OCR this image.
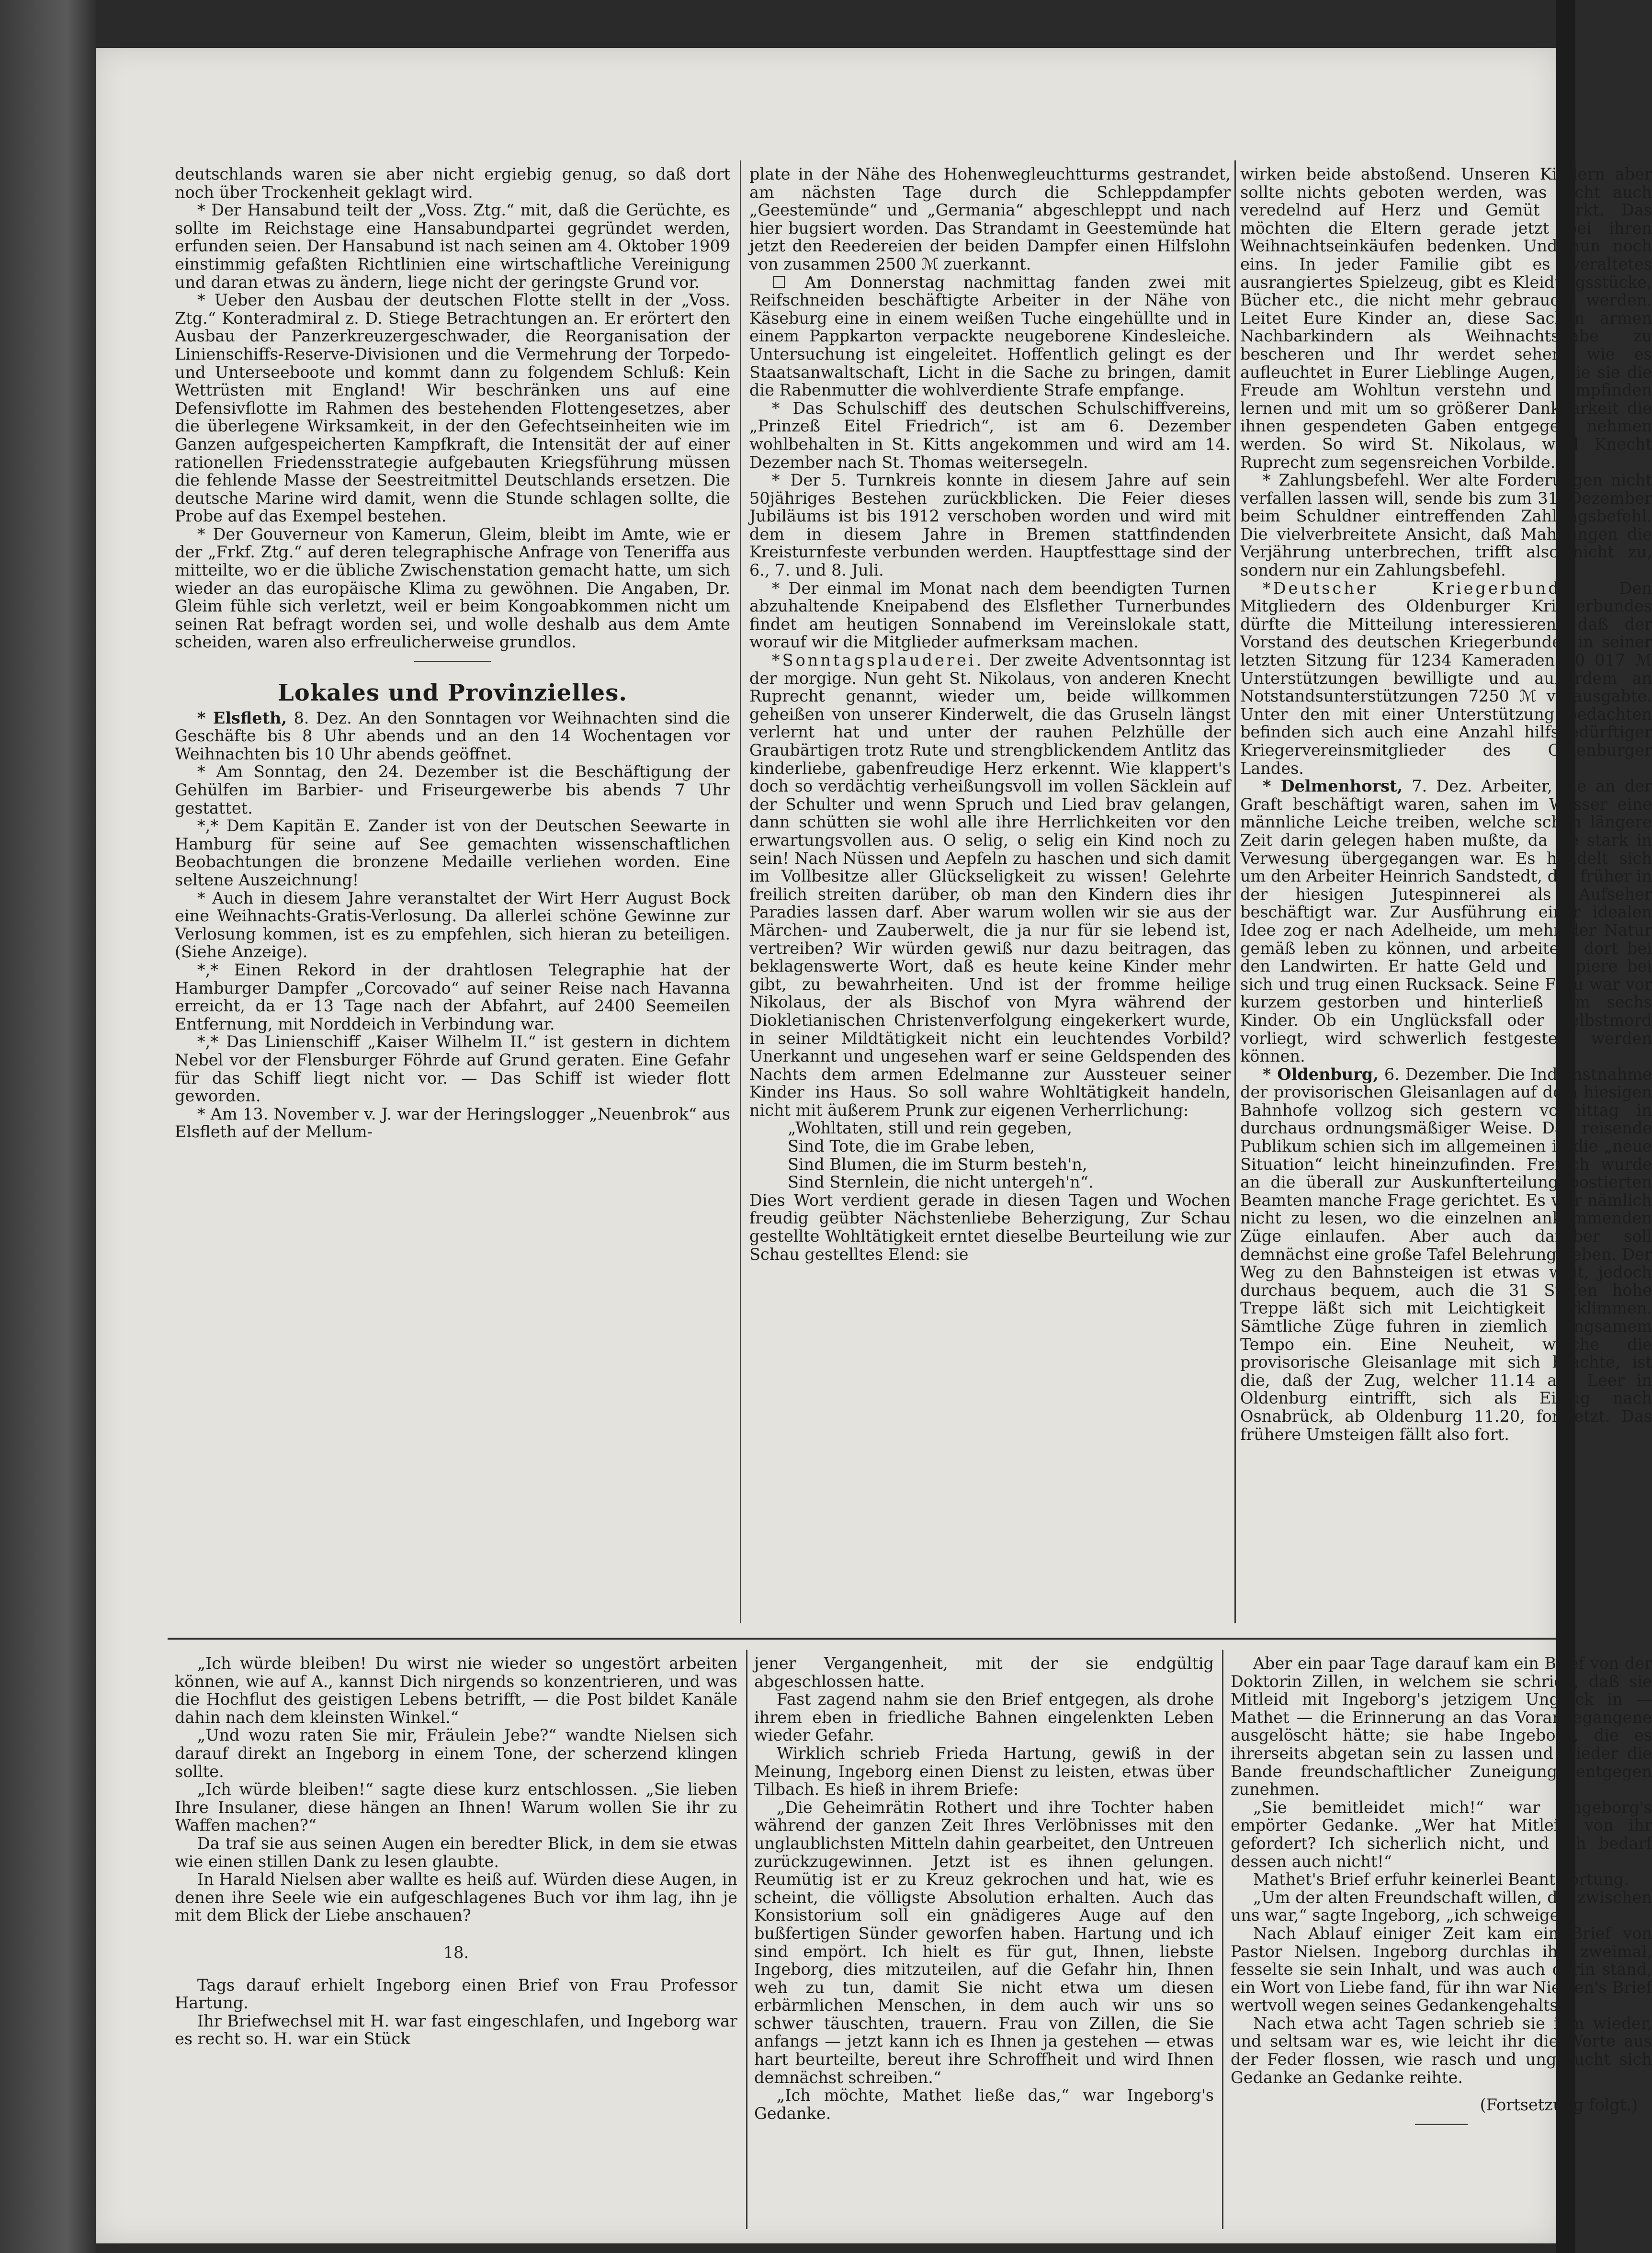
deutschlands waren sie aber nicht ergiebig genug, so daß dort noch über Trockenheit geklagt wird.

* Der Hansabund teilt der „Voss. Ztg.“ mit, daß die Gerüchte, es sollte im Reichstage eine Hansabundpartei gegründet werden, erfunden seien. Der Hansabund ist nach seinen am 4. Oktober 1909 einstimmig gefaßten Richtlinien eine wirtschaftliche Vereinigung und daran etwas zu ändern, liege nicht der geringste Grund vor.

* Ueber den Ausbau der deutschen Flotte stellt in der „Voss. Ztg.“ Konteradmiral z. D. Stiege Betrachtungen an. Er erörtert den Ausbau der Panzerkreuzergeschwader, die Reorganisation der Linienschiffs-Reserve-Divisionen und die Vermehrung der Torpedo- und Unterseeboote und kommt dann zu folgendem Schluß: Kein Wettrüsten mit England! Wir beschränken uns auf eine Defensivflotte im Rahmen des bestehenden Flottengesetzes, aber die überlegene Wirksamkeit, in der den Gefechtseinheiten wie im Ganzen aufgespeicherten Kampfkraft, die Intensität der auf einer rationellen Friedensstrategie aufgebauten Kriegsführung müssen die fehlende Masse der Seestreitmittel Deutschlands ersetzen. Die deutsche Marine wird damit, wenn die Stunde schlagen sollte, die Probe auf das Exempel bestehen.

* Der Gouverneur von Kamerun, Gleim, bleibt im Amte, wie er der „Frkf. Ztg.“ auf deren telegraphische Anfrage von Teneriffa aus mitteilte, wo er die übliche Zwischenstation gemacht hatte, um sich wieder an das europäische Klima zu gewöhnen. Die Angaben, Dr. Gleim fühle sich verletzt, weil er beim Kongoabkommen nicht um seinen Rat befragt worden sei, und wolle deshalb aus dem Amte scheiden, waren also erfreulicherweise grundlos.

Lokales und Provinzielles.

* Elsfleth, 8. Dez. An den Sonntagen vor Weihnachten sind die Geschäfte bis 8 Uhr abends und an den 14 Wochentagen vor Weihnachten bis 10 Uhr abends geöffnet.

* Am Sonntag, den 24. Dezember ist die Beschäftigung der Gehülfen im Barbier- und Friseurgewerbe bis abends 7 Uhr gestattet.

*,* Dem Kapitän E. Zander ist von der Deutschen Seewarte in Hamburg für seine auf See gemachten wissenschaftlichen Beobachtungen die bronzene Medaille verliehen worden. Eine seltene Auszeichnung!

* Auch in diesem Jahre veranstaltet der Wirt Herr August Bock eine Weihnachts-Gratis-Verlosung. Da allerlei schöne Gewinne zur Verlosung kommen, ist es zu empfehlen, sich hieran zu beteiligen. (Siehe Anzeige).

*,* Einen Rekord in der drahtlosen Telegraphie hat der Hamburger Dampfer „Corcovado“ auf seiner Reise nach Havanna erreicht, da er 13 Tage nach der Abfahrt, auf 2400 Seemeilen Entfernung, mit Norddeich in Verbindung war.

*,* Das Linienschiff „Kaiser Wilhelm II.“ ist gestern in dichtem Nebel vor der Flensburger Föhrde auf Grund geraten. Eine Gefahr für das Schiff liegt nicht vor. — Das Schiff ist wieder flott geworden.

* Am 13. November v. J. war der Heringslogger „Neuenbrok“ aus Elsfleth auf der Mellum-

plate in der Nähe des Hohenwegleuchtturms gestrandet, am nächsten Tage durch die Schleppdampfer „Geestemünde“ und „Germania“ abgeschleppt und nach hier bugsiert worden. Das Strandamt in Geestemünde hat jetzt den Reedereien der beiden Dampfer einen Hilfslohn von zusammen 2500 ℳ zuerkannt.

☐ Am Donnerstag nachmittag fanden zwei mit Reifschneiden beschäftigte Arbeiter in der Nähe von Käseburg eine in einem weißen Tuche eingehüllte und in einem Pappkarton verpackte neugeborene Kindesleiche. Untersuchung ist eingeleitet. Hoffentlich gelingt es der Staatsanwaltschaft, Licht in die Sache zu bringen, damit die Rabenmutter die wohlverdiente Strafe empfange.

* Das Schulschiff des deutschen Schulschiffvereins, „Prinzeß Eitel Friedrich“, ist am 6. Dezember wohlbehalten in St. Kitts angekommen und wird am 14. Dezember nach St. Thomas weitersegeln.

* Der 5. Turnkreis konnte in diesem Jahre auf sein 50jähriges Bestehen zurückblicken. Die Feier dieses Jubiläums ist bis 1912 verschoben worden und wird mit dem in diesem Jahre in Bremen stattfindenden Kreisturnfeste verbunden werden. Hauptfesttage sind der 6., 7. und 8. Juli.

* Der einmal im Monat nach dem beendigten Turnen abzuhaltende Kneipabend des Elsflether Turnerbundes findet am heutigen Sonnabend im Vereinslokale statt, worauf wir die Mitglieder aufmerksam machen.

*Sonntagsplauderei. Der zweite Adventsonntag ist der morgige. Nun geht St. Nikolaus, von anderen Knecht Ruprecht genannt, wieder um, beide willkommen geheißen von unserer Kinderwelt, die das Gruseln längst verlernt hat und unter der rauhen Pelzhülle der Graubärtigen trotz Rute und strengblickendem Antlitz das kinderliebe, gabenfreudige Herz erkennt. Wie klappert's doch so verdächtig verheißungsvoll im vollen Säcklein auf der Schulter und wenn Spruch und Lied brav gelangen, dann schütten sie wohl alle ihre Herrlichkeiten vor den erwartungsvollen aus. O selig, o selig ein Kind noch zu sein! Nach Nüssen und Aepfeln zu haschen und sich damit im Vollbesitze aller Glückseligkeit zu wissen! Gelehrte freilich streiten darüber, ob man den Kindern dies ihr Paradies lassen darf. Aber warum wollen wir sie aus der Märchen- und Zauberwelt, die ja nur für sie lebend ist, vertreiben? Wir würden gewiß nur dazu beitragen, das beklagenswerte Wort, daß es heute keine Kinder mehr gibt, zu bewahrheiten. Und ist der fromme heilige Nikolaus, der als Bischof von Myra während der Diokletianischen Christenverfolgung eingekerkert wurde, in seiner Mildtätigkeit nicht ein leuchtendes Vorbild? Unerkannt und ungesehen warf er seine Geldspenden des Nachts dem armen Edelmanne zur Aussteuer seiner Kinder ins Haus. So soll wahre Wohltätigkeit handeln, nicht mit äußerem Prunk zur eigenen Verherrlichung:

„Wohltaten, still und rein gegeben,

Sind Tote, die im Grabe leben,

Sind Blumen, die im Sturm besteh'n,

Sind Sternlein, die nicht untergeh'n“.

Dies Wort verdient gerade in diesen Tagen und Wochen freudig geübter Nächstenliebe Beherzigung, Zur Schau gestellte Wohltätigkeit erntet dieselbe Beurteilung wie zur Schau gestelltes Elend: sie

wirken beide abstoßend. Unseren Kindern aber sollte nichts geboten werden, was nicht auch veredelnd auf Herz und Gemüt wirkt. Das möchten die Eltern gerade jetzt bei ihren Weihnachtseinkäufen bedenken. Und nun noch eins. In jeder Familie gibt es veraltetes ausrangiertes Spielzeug, gibt es Kleidungsstücke, Bücher etc., die nicht mehr gebraucht werden. Leitet Eure Kinder an, diese Sachen armen Nachbarkindern als Weihnachtsgabe zu bescheren und Ihr werdet sehen, wie es aufleuchtet in Eurer Lieblinge Augen, wie sie die Freude am Wohltun verstehn und empfinden lernen und mit um so größerer Dankbarkeit die ihnen gespendeten Gaben entgegen nehmen werden. So wird St. Nikolaus, wird Knecht Ruprecht zum segensreichen Vorbilde.

* Zahlungsbefehl. Wer alte Forderungen nicht verfallen lassen will, sende bis zum 31. Dezember beim Schuldner eintreffenden Zahlungsbefehl. Die vielverbreitete Ansicht, daß Mahnungen die Verjährung unterbrechen, trifft also nicht zu, sondern nur ein Zahlungsbefehl.

*Deutscher Kriegerbund. Den Mitgliedern des Oldenburger Kriegerbundes dürfte die Mitteilung interessieren, daß der Vorstand des deutschen Kriegerbundes in seiner letzten Sitzung für 1234 Kameraden 20 017 ℳ Unterstützungen bewilligte und außerdem an Notstandsunterstützungen 7250 ℳ verausgabte. Unter den mit einer Unterstützung bedachten befinden sich auch eine Anzahl hilfsbedürftiger Kriegervereinsmitglieder des Oldenburger Landes.

* Delmenhorst, 7. Dez. Arbeiter, die an der Graft beschäftigt waren, sahen im Wasser eine männliche Leiche treiben, welche schon längere Zeit darin gelegen haben mußte, da sie stark in Verwesung übergegangen war. Es handelt sich um den Arbeiter Heinrich Sandstedt, der früher in der hiesigen Jutespinnerei als Aufseher beschäftigt war. Zur Ausführung einer idealen Idee zog er nach Adelheide, um mehr der Natur gemäß leben zu können, und arbeitete dort bei den Landwirten. Er hatte Geld und Papiere bei sich und trug einen Rucksack. Seine Frau war vor kurzem gestorben und hinterließ ihm sechs Kinder. Ob ein Unglücksfall oder Selbstmord vorliegt, wird schwerlich festgestellt werden können.

* Oldenburg, 6. Dezember. Die Indienstnahme der provisorischen Gleisanlagen auf dem hiesigen Bahnhofe vollzog sich gestern vormittag in durchaus ordnungsmäßiger Weise. Das reisende Publikum schien sich im allgemeinen in die „neue Situation“ leicht hineinzufinden. Freilich wurde an die überall zur Auskunfterteilung postierten Beamten manche Frage gerichtet. Es war nämlich nicht zu lesen, wo die einzelnen ankommenden Züge einlaufen. Aber auch darüber soll demnächst eine große Tafel Belehrung geben. Der Weg zu den Bahnsteigen ist etwas weit, jedoch durchaus bequem, auch die 31 Stufen hohe Treppe läßt sich mit Leichtigkeit erklimmen. Sämtliche Züge fuhren in ziemlich langsamem Tempo ein. Eine Neuheit, welche die provisorische Gleisanlage mit sich brachte, ist die, daß der Zug, welcher 11.14 aus Leer in Oldenburg eintrifft, sich als Eilzug nach Osnabrück, ab Oldenburg 11.20, fortsetzt. Das frühere Umsteigen fällt also fort.

„Ich würde bleiben! Du wirst nie wieder so ungestört arbeiten können, wie auf A., kannst Dich nirgends so konzentrieren, und was die Hochflut des geistigen Lebens betrifft, — die Post bildet Kanäle dahin nach dem kleinsten Winkel.“

„Und wozu raten Sie mir, Fräulein Jebe?“ wandte Nielsen sich darauf direkt an Ingeborg in einem Tone, der scherzend klingen sollte.

„Ich würde bleiben!“ sagte diese kurz entschlossen. „Sie lieben Ihre Insulaner, diese hängen an Ihnen! Warum wollen Sie ihr zu Waffen machen?“

Da traf sie aus seinen Augen ein beredter Blick, in dem sie etwas wie einen stillen Dank zu lesen glaubte.

In Harald Nielsen aber wallte es heiß auf. Würden diese Augen, in denen ihre Seele wie ein aufgeschlagenes Buch vor ihm lag, ihn je mit dem Blick der Liebe anschauen?

18.

Tags darauf erhielt Ingeborg einen Brief von Frau Professor Hartung.

Ihr Briefwechsel mit H. war fast eingeschlafen, und Ingeborg war es recht so. H. war ein Stück

jener Vergangenheit, mit der sie endgültig abgeschlossen hatte.

Fast zagend nahm sie den Brief entgegen, als drohe ihrem eben in friedliche Bahnen eingelenkten Leben wieder Gefahr.

Wirklich schrieb Frieda Hartung, gewiß in der Meinung, Ingeborg einen Dienst zu leisten, etwas über Tilbach. Es hieß in ihrem Briefe:

„Die Geheimrätin Rothert und ihre Tochter haben während der ganzen Zeit Ihres Verlöbnisses mit den unglaublichsten Mitteln dahin gearbeitet, den Untreuen zurückzugewinnen. Jetzt ist es ihnen gelungen. Reumütig ist er zu Kreuz gekrochen und hat, wie es scheint, die völligste Absolution erhalten. Auch das Konsistorium soll ein gnädigeres Auge auf den bußfertigen Sünder geworfen haben. Hartung und ich sind empört. Ich hielt es für gut, Ihnen, liebste Ingeborg, dies mitzuteilen, auf die Gefahr hin, Ihnen weh zu tun, damit Sie nicht etwa um diesen erbärmlichen Menschen, in dem auch wir uns so schwer täuschten, trauern. Frau von Zillen, die Sie anfangs — jetzt kann ich es Ihnen ja gestehen — etwas hart beurteilte, bereut ihre Schroffheit und wird Ihnen demnächst schreiben.“

„Ich möchte, Mathet ließe das,“ war Ingeborg's Gedanke.

Aber ein paar Tage darauf kam ein Brief von der Doktorin Zillen, in welchem sie schrieb, daß sie Mitleid mit Ingeborg's jetzigem Unglück in — Mathet — die Erinnerung an das Vorangegangene ausgelöscht hätte; sie habe Ingeborg, die es ihrerseits abgetan sein zu lassen und wieder die Bande freundschaftlicher Zuneigung entgegen zunehmen.

„Sie bemitleidet mich!“ war Ingeborg's empörter Gedanke. „Wer hat Mitleid von ihr gefordert? Ich sicherlich nicht, und ich bedarf dessen auch nicht!“

Mathet's Brief erfuhr keinerlei Beantwortung.

„Um der alten Freundschaft willen, die zwischen uns war,“ sagte Ingeborg, „ich schweige.“

Nach Ablauf einiger Zeit kam ein Brief von Pastor Nielsen. Ingeborg durchlas ihn zweimal, fesselte sie sein Inhalt, und was auch darin stand, ein Wort von Liebe fand, für ihn war Nielsen's Brief wertvoll wegen seines Gedankengehalts.

Nach etwa acht Tagen schrieb sie ihm wieder, und seltsam war es, wie leicht ihr die Worte aus der Feder flossen, wie rasch und ungesucht sich Gedanke an Gedanke reihte.

(Fortsetzung folgt.)
